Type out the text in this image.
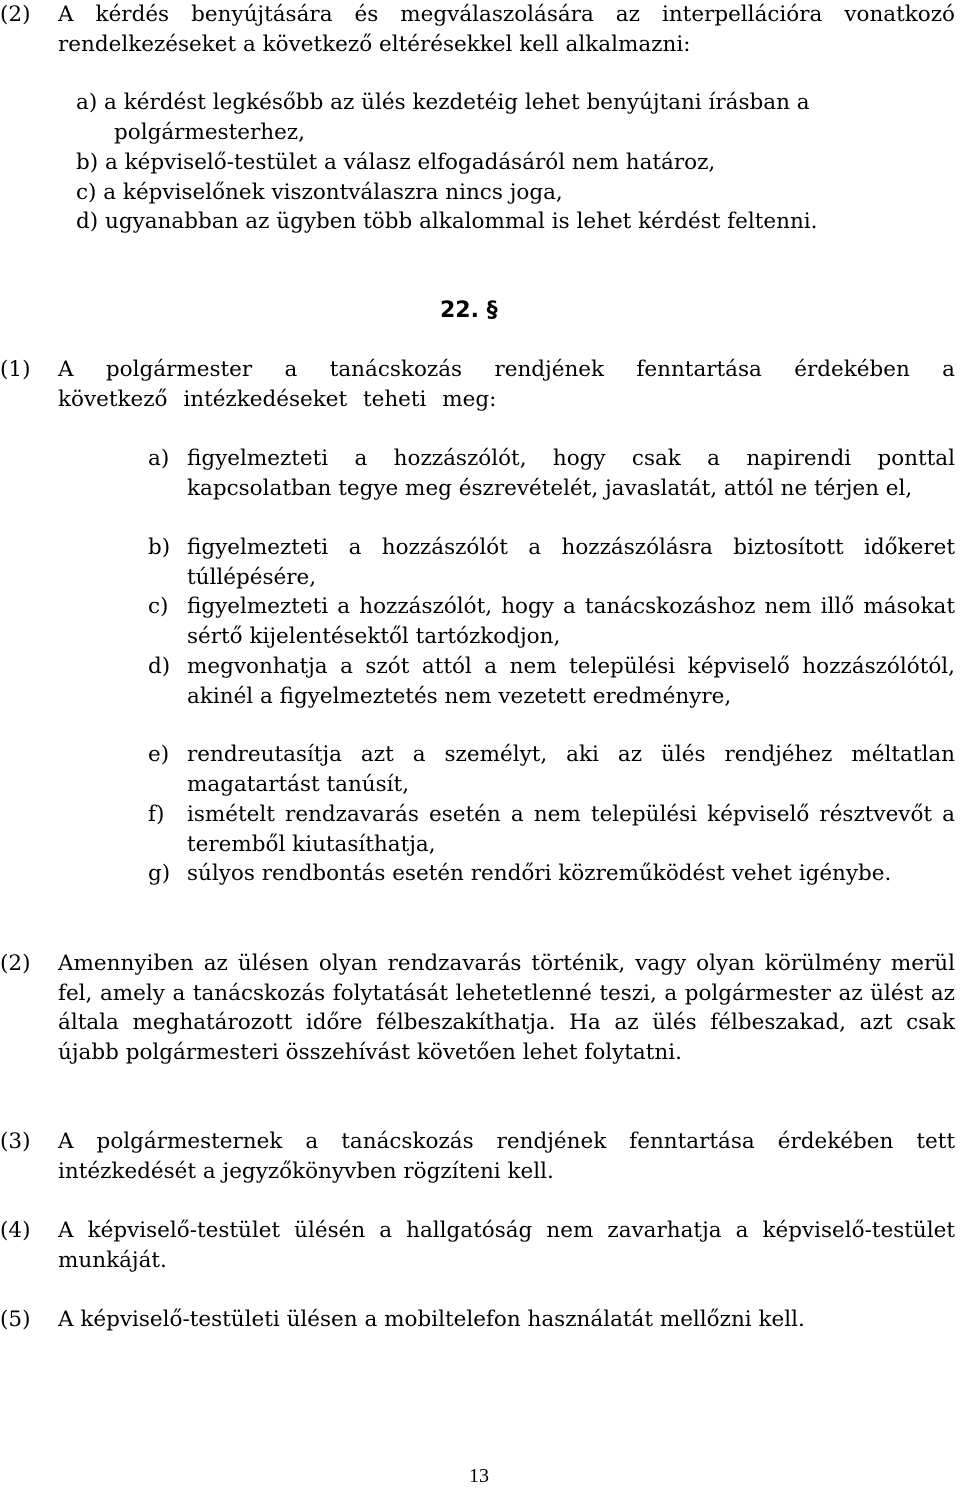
(2) A kérdés benyújtására és megválaszolására az interpellációra vonatkozó rendelkezéseket a következő eltérésekkel kell alkalmazni:
a) a kérdést legkésőbb az ülés kezdetéig lehet benyújtani írásban a polgármesterhez,
b) a képviselő-testület a válasz elfogadásáról nem határoz,
c) a képviselőnek viszontválaszra nincs joga,
d) ugyanabban az ügyben több alkalommal is lehet kérdést feltenni.
22. §
(1) A polgármester a tanácskozás rendjének fenntartása érdekében a következő intézkedéseket teheti meg:
a) figyelmezteti a hozzászólót, hogy csak a napirendi ponttal kapcsolatban tegye meg észrevételét, javaslatát, attól ne térjen el,
b) figyelmezteti a hozzászólót a hozzászólásra biztosított időkeret túllépésére,
c) figyelmezteti a hozzászólót, hogy a tanácskozáshoz nem illő másokat sértő kijelentésektől tartózkodjon,
d) megvonhatja a szót attól a nem települési képviselő hozzászólótól, akinél a figyelmeztetés nem vezetett eredményre,
e) rendreutasítja azt a személyt, aki az ülés rendjéhez méltatlan magatartást tanúsít,
f) ismételt rendzavarás esetén a nem települési képviselő résztvevőt a teremből kiutasíthatja,
g) súlyos rendbontás esetén rendőri közreműködést vehet igénybe.
(2) Amennyiben az ülésen olyan rendzavarás történik, vagy olyan körülmény merül fel, amely a tanácskozás folytatását lehetetlenné teszi, a polgármester az ülést az általa meghatározott időre félbeszakíthatja. Ha az ülés félbeszakad, azt csak újabb polgármesteri összehívást követően lehet folytatni.
(3) A polgármesternek a tanácskozás rendjének fenntartása érdekében tett intézkedését a jegyzőkönyvben rögzíteni kell.
(4) A képviselő-testület ülésén a hallgatóság nem zavarhatja a képviselő-testület munkáját.
(5) A képviselő-testületi ülésen a mobiltelefon használatát mellőzni kell.
13
